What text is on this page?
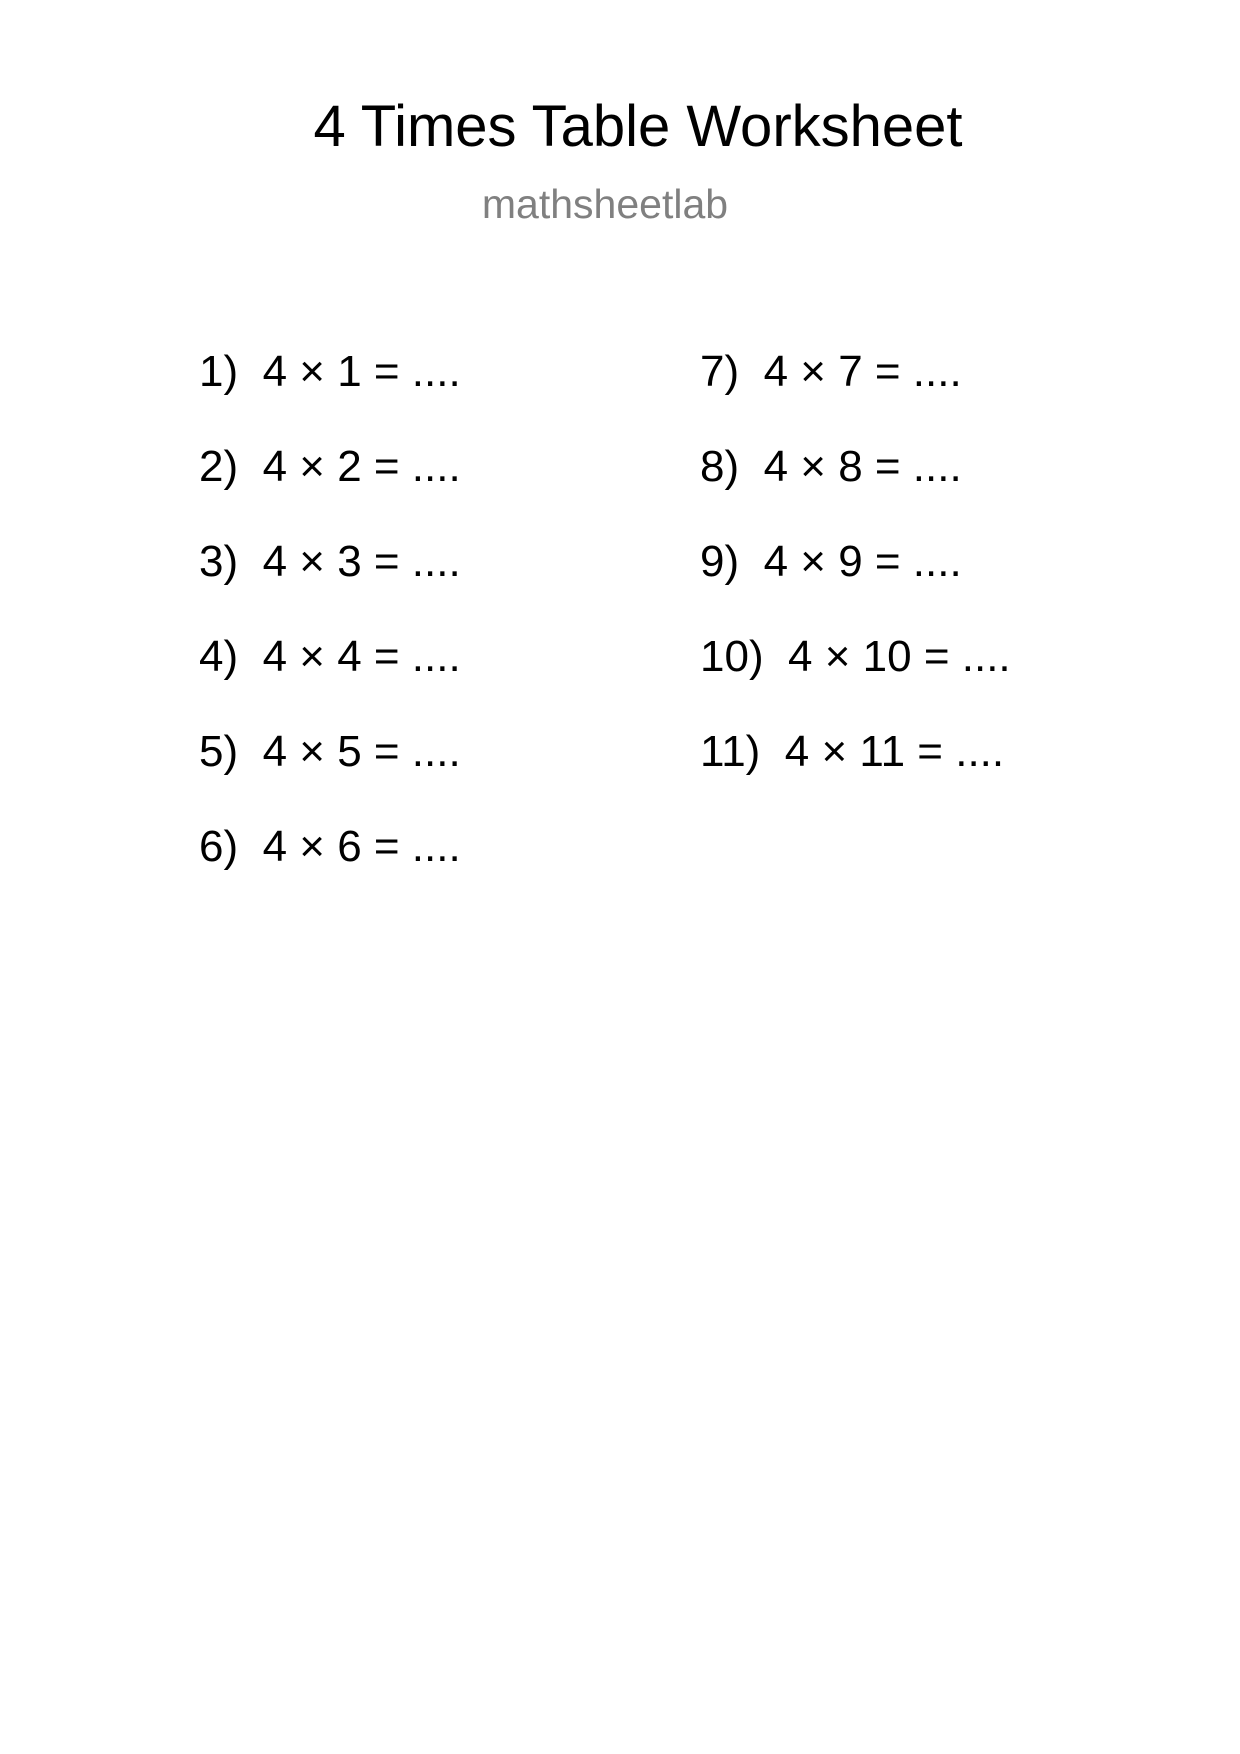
4 Times Table Worksheet
mathsheetlab
1)  4 × 1 = ....
2)  4 × 2 = ....
3)  4 × 3 = ....
4)  4 × 4 = ....
5)  4 × 5 = ....
6)  4 × 6 = ....
7)  4 × 7 = ....
8)  4 × 8 = ....
9)  4 × 9 = ....
10)  4 × 10 = ....
11)  4 × 11 = ....
